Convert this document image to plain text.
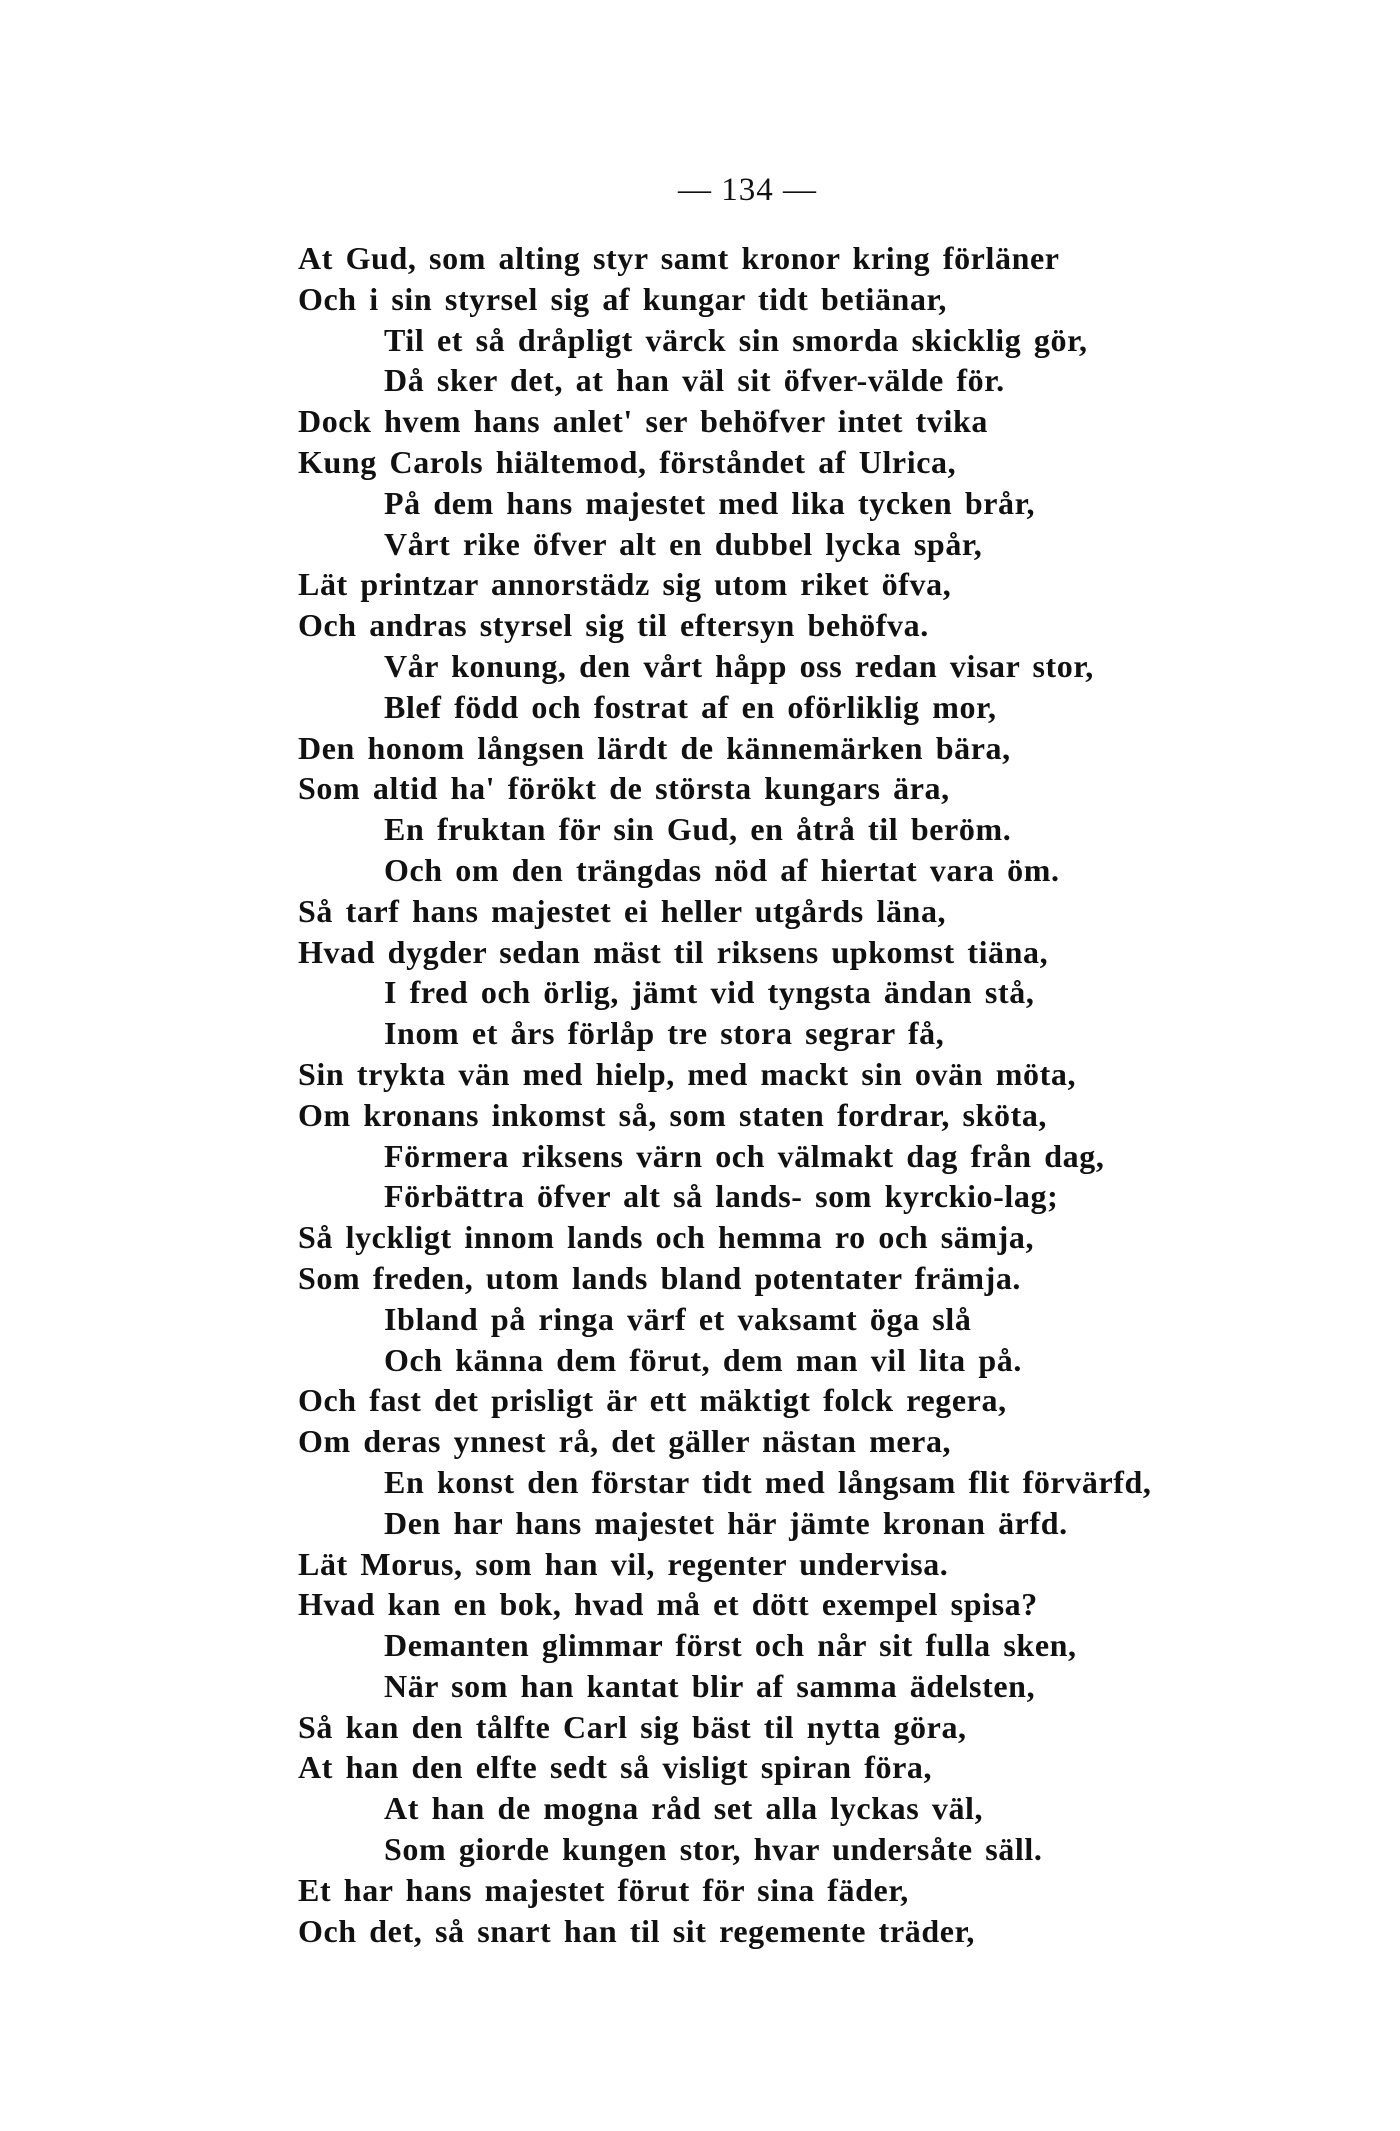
— 134 —
At Gud, som alting styr samt kronor kring förläner
Och i sin styrsel sig af kungar tidt betiänar,
Til et så dråpligt värck sin smorda skicklig gör,
Då sker det, at han väl sit öfver-välde för.
Dock hvem hans anlet' ser behöfver intet tvika
Kung Carols hiältemod, förståndet af Ulrica,
På dem hans majestet med lika tycken brår,
Vårt rike öfver alt en dubbel lycka spår,
Lät printzar annorstädz sig utom riket öfva,
Och andras styrsel sig til eftersyn behöfva.
Vår konung, den vårt håpp oss redan visar stor,
Blef född och fostrat af en oförliklig mor,
Den honom långsen lärdt de kännemärken bära,
Som altid ha' förökt de största kungars ära,
En fruktan för sin Gud, en åtrå til beröm.
Och om den trängdas nöd af hiertat vara öm.
Så tarf hans majestet ei heller utgårds läna,
Hvad dygder sedan mäst til riksens upkomst tiäna,
I fred och örlig, jämt vid tyngsta ändan stå,
Inom et års förlåp tre stora segrar få,
Sin trykta vän med hielp, med mackt sin ovän möta,
Om kronans inkomst så, som staten fordrar, sköta,
Förmera riksens värn och välmakt dag från dag,
Förbättra öfver alt så lands- som kyrckio-lag;
Så lyckligt innom lands och hemma ro och sämja,
Som freden, utom lands bland potentater främja.
Ibland på ringa värf et vaksamt öga slå
Och känna dem förut, dem man vil lita på.
Och fast det prisligt är ett mäktigt folck regera,
Om deras ynnest rå, det gäller nästan mera,
En konst den förstar tidt med långsam flit förvärfd,
Den har hans majestet här jämte kronan ärfd.
Lät Morus, som han vil, regenter undervisa.
Hvad kan en bok, hvad må et dött exempel spisa?
Demanten glimmar först och når sit fulla sken,
När som han kantat blir af samma ädelsten,
Så kan den tålfte Carl sig bäst til nytta göra,
At han den elfte sedt så visligt spiran föra,
At han de mogna råd set alla lyckas väl,
Som giorde kungen stor, hvar undersåte säll.
Et har hans majestet förut för sina fäder,
Och det, så snart han til sit regemente träder,
